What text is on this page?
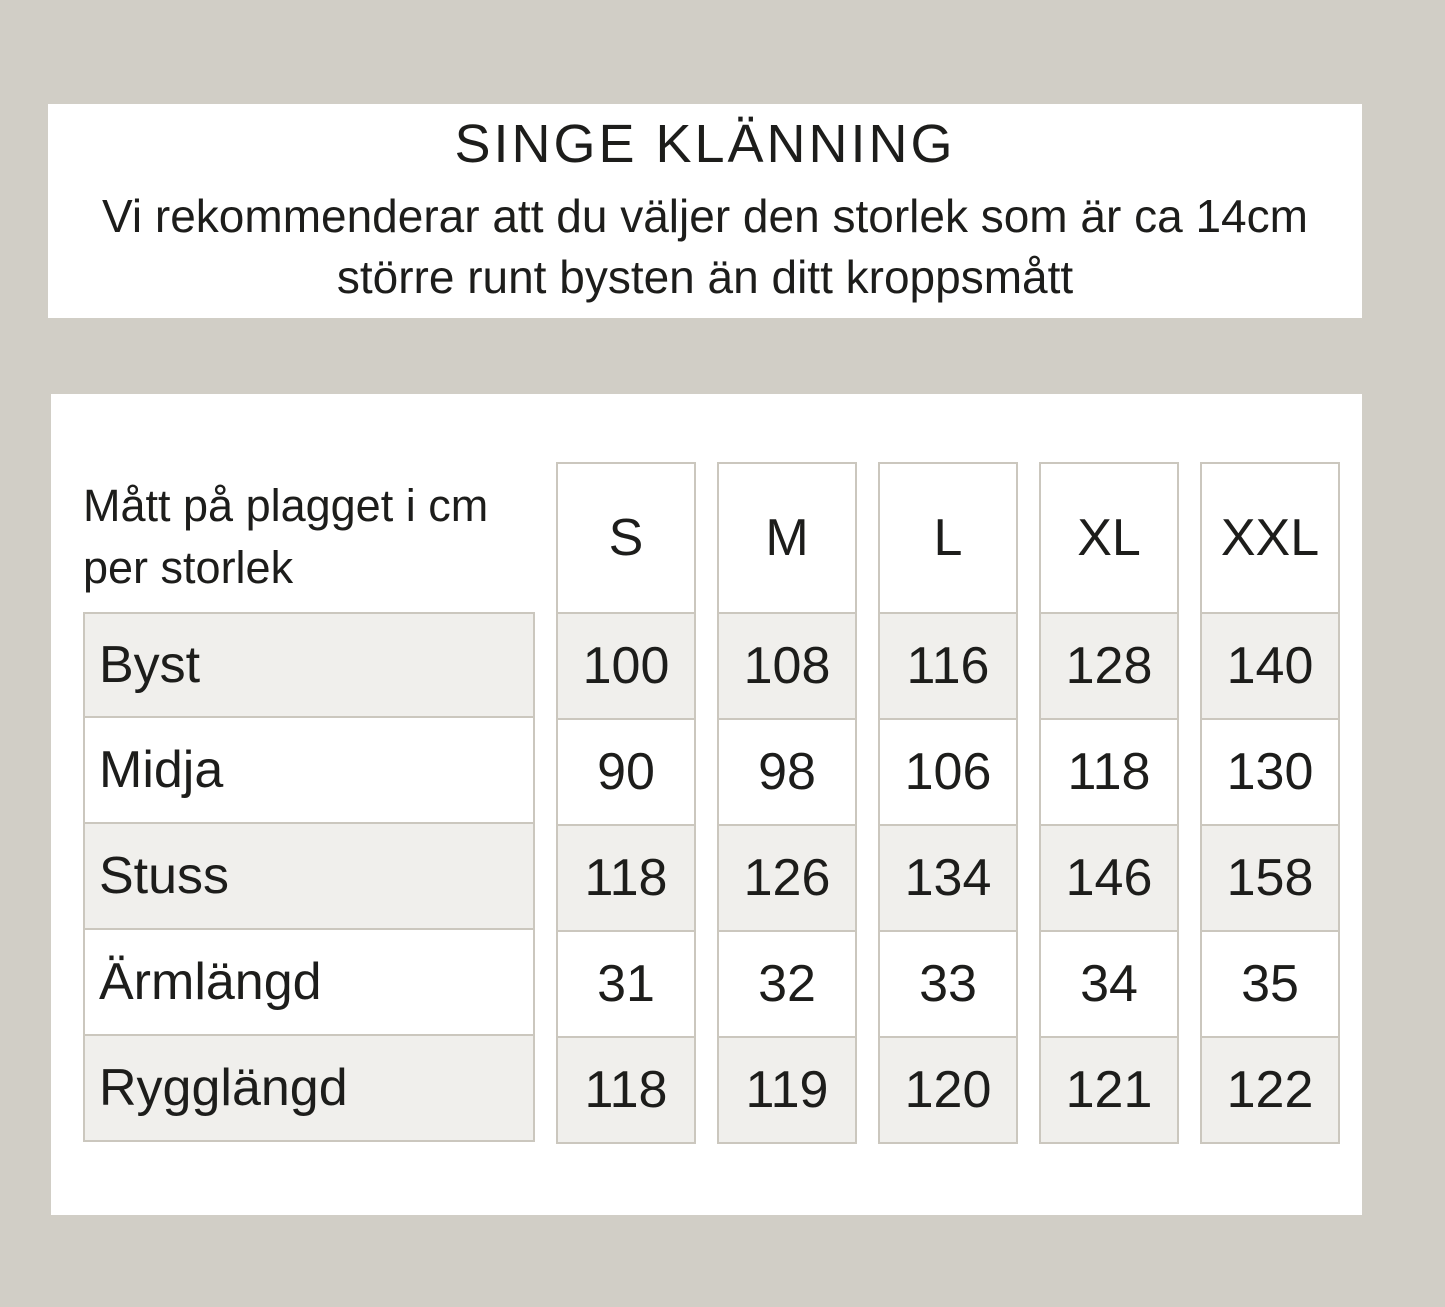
SINGE KLÄNNING

Vi rekommenderar att du väljer den storlek som är ca 14cm större runt bysten än ditt kroppsmått

Mått på plagget i cm per storlek
Byst
Midja
Stuss
Ärmlängd
Rygglängd
S
100
90
118
31
118
M
108
98
126
32
119
L
116
106
134
33
120
XL
128
118
146
34
121
XXL
140
130
158
35
122
